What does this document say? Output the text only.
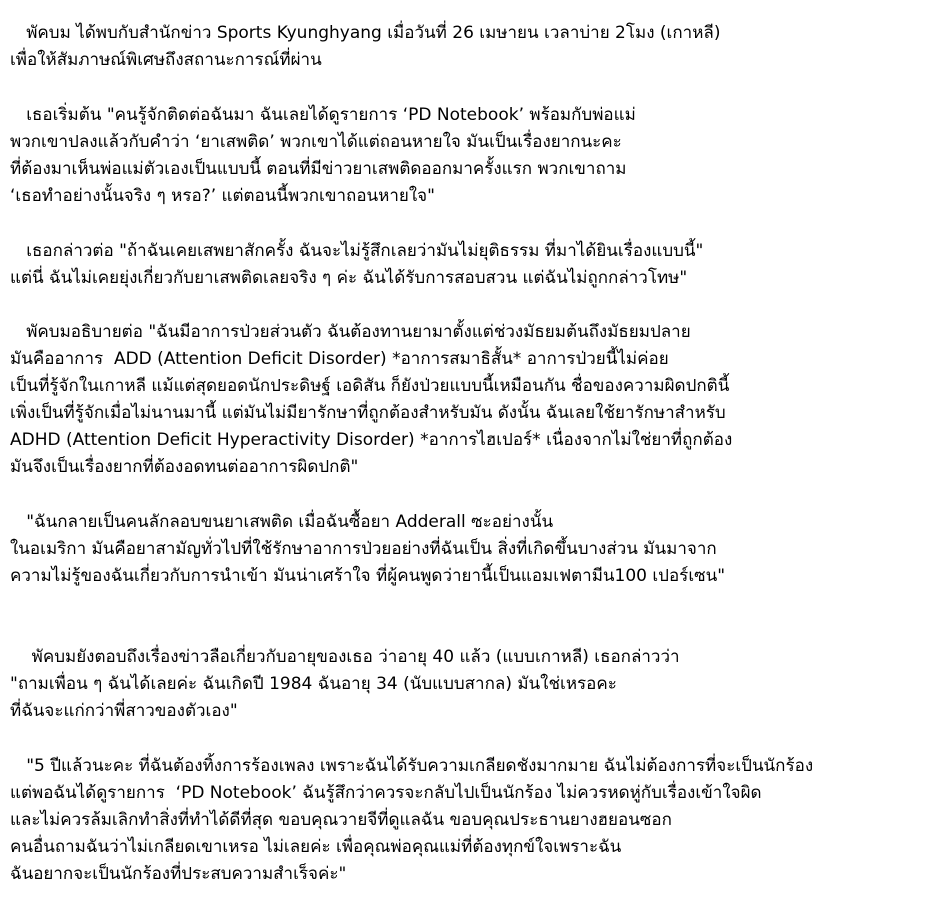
พัคบม ได้พบกับสำนักข่าว Sports Kyunghyang เมื่อวันที่ 26 เมษายน เวลาบ่าย 2โมง (เกาหลี)

เพื่อให้สัมภาษณ์พิเศษถึงสถานะการณ์ที่ผ่าน

เธอเริ่มต้น "คนรู้จักติดต่อฉันมา ฉันเลยได้ดูรายการ ‘PD Notebook’ พร้อมกับพ่อแม่

พวกเขาปลงแล้วกับคำว่า ‘ยาเสพติด’ พวกเขาได้แต่ถอนหายใจ มันเป็นเรื่องยากนะคะ

ที่ต้องมาเห็นพ่อแม่ตัวเองเป็นแบบนี้ ตอนที่มีข่าวยาเสพติดออกมาครั้งแรก พวกเขาถาม

‘เธอทำอย่างนั้นจริง ๆ หรอ?’ แต่ตอนนี้พวกเขาถอนหายใจ"

เธอกล่าวต่อ "ถ้าฉันเคยเสพยาสักครั้ง ฉันจะไม่รู้สึกเลยว่ามันไม่ยุติธรรม ที่มาได้ยินเรื่องแบบนี้"

แต่นี่ ฉันไม่เคยยุ่งเกี่ยวกับยาเสพติดเลยจริง ๆ ค่ะ ฉันได้รับการสอบสวน แต่ฉันไม่ถูกกล่าวโทษ"

พัคบมอธิบายต่อ "ฉันมีอาการป่วยส่วนตัว ฉันต้องทานยามาตั้งแต่ช่วงมัธยมต้นถึงมัธยมปลาย

มันคืออาการ  ADD (Attention Deficit Disorder) *อาการสมาธิสั้น* อาการป่วยนี้ไม่ค่อย

เป็นที่รู้จักในเกาหลี แม้แต่สุดยอดนักประดิษฐ์ เอดิสัน ก็ยังป่วยแบบนี้เหมือนกัน ชื่อของความผิดปกตินี้

เพิ่งเป็นที่รู้จักเมื่อไม่นานมานี้ แต่มันไม่มียารักษาที่ถูกต้องสำหรับมัน ดังนั้น ฉันเลยใช้ยารักษาสำหรับ

ADHD (Attention Deficit Hyperactivity Disorder) *อาการไฮเปอร์* เนื่องจากไม่ใช่ยาที่ถูกต้อง

มันจึงเป็นเรื่องยากที่ต้องอดทนต่ออาการผิดปกติ"

"ฉันกลายเป็นคนลักลอบขนยาเสพติด เมื่อฉันซื้อยา Adderall ซะอย่างนั้น

ในอเมริกา มันคือยาสามัญทั่วไปที่ใช้รักษาอาการป่วยอย่างที่ฉันเป็น สิ่งที่เกิดขึ้นบางส่วน มันมาจาก

ความไม่รู้ของฉันเกี่ยวกับการนำเข้า มันน่าเศร้าใจ ที่ผู้คนพูดว่ายานี้เป็นแอมเฟตามีน100 เปอร์เซน"

พัคบมยังตอบถึงเรื่องข่าวลือเกี่ยวกับอายุของเธอ ว่าอายุ 40 แล้ว (แบบเกาหลี) เธอกล่าวว่า

"ถามเพื่อน ๆ ฉันได้เลยค่ะ ฉันเกิดปี 1984 ฉันอายุ 34 (นับแบบสากล) มันใช่เหรอคะ

ที่ฉันจะแก่กว่าพี่สาวของตัวเอง"

"5 ปีแล้วนะคะ ที่ฉันต้องทิ้งการร้องเพลง เพราะฉันได้รับความเกลียดชังมากมาย ฉันไม่ต้องการที่จะเป็นนักร้อง

แต่พอฉันได้ดูรายการ  ‘PD Notebook’ ฉันรู้สึกว่าควรจะกลับไปเป็นนักร้อง ไม่ควรหดหู่กับเรื่องเข้าใจผิด

และไม่ควรล้มเลิกทำสิ่งที่ทำได้ดีที่สุด ขอบคุณวายจีที่ดูแลฉัน ขอบคุณประธานยางฮยอนซอก

คนอื่นถามฉันว่าไม่เกลียดเขาเหรอ ไม่เลยค่ะ เพื่อคุณพ่อคุณแม่ที่ต้องทุกข์ใจเพราะฉัน

ฉันอยากจะเป็นนักร้องที่ประสบความสำเร็จค่ะ"
